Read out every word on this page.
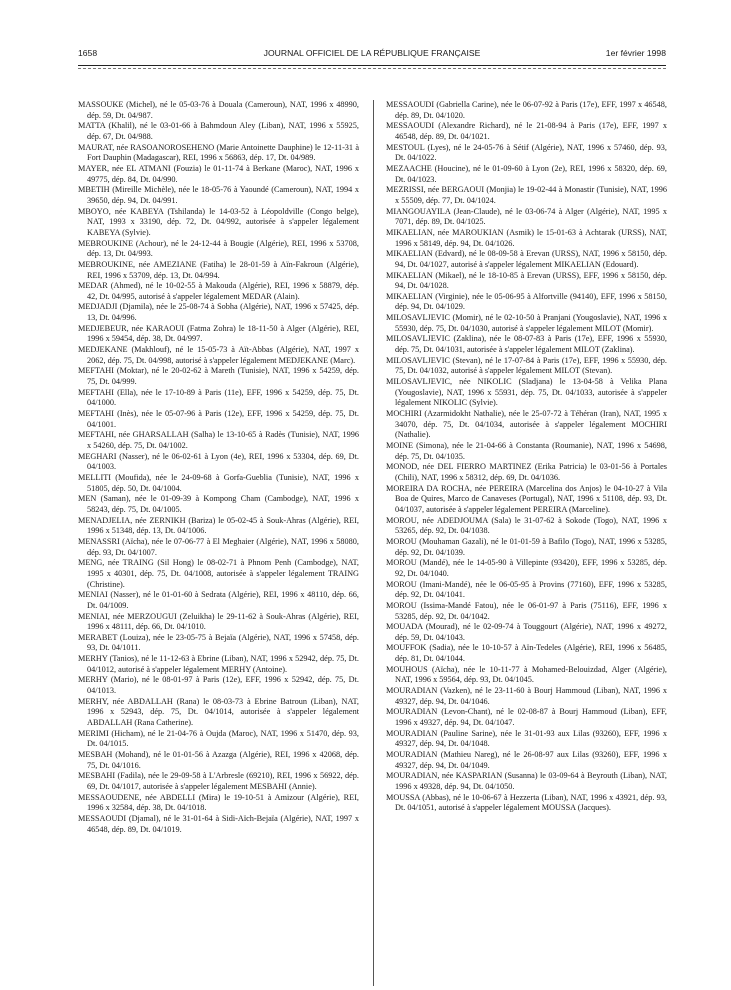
1658	JOURNAL OFFICIEL DE LA RÉPUBLIQUE FRANÇAISE	1er février 1998

MASSOUKE (Michel), né le 05-03-76 à Douala (Cameroun), NAT, 1996 x 48990, dép. 59, Dt. 04/987.

MATTA (Khalil), né le 03-01-66 à Bahmdoun Aley (Liban), NAT, 1996 x 55925, dép. 67, Dt. 04/988.

MAURAT, née RASOANOROSEHENO (Marie Antoinette Dauphine) le 12-11-31 à Fort Dauphin (Madagascar), REI, 1996 x 56863, dép. 17, Dt. 04/989.

MAYER, née EL ATMANI (Fouzia) le 01-11-74 à Berkane (Maroc), NAT, 1996 x 49775, dép. 84, Dt. 04/990.

MBETIH (Mireille Michèle), née le 18-05-76 à Yaoundé (Cameroun), NAT, 1994 x 39650, dép. 94, Dt. 04/991.

MBOYO, née KABEYA (Tshilanda) le 14-03-52 à Léopoldville (Congo belge), NAT, 1993 x 33190, dép. 72, Dt. 04/992, autorisée à s'appeler légalement KABEYA (Sylvie).

MEBROUKINE (Achour), né le 24-12-44 à Bougie (Algérie), REI, 1996 x 53708, dép. 13, Dt. 04/993.

MEBROUKINE, née AMEZIANE (Fatiha) le 28-01-59 à Aïn-Fakroun (Algérie), REI, 1996 x 53709, dép. 13, Dt. 04/994.

MEDAR (Ahmed), né le 10-02-55 à Makouda (Algérie), REI, 1996 x 58879, dép. 42, Dt. 04/995, autorisé à s'appeler légalement MEDAR (Alain).

MEDJADJI (Djamila), née le 25-08-74 à Sobha (Algérie), NAT, 1996 x 57425, dép. 13, Dt. 04/996.

MEDJEBEUR, née KARAOUI (Fatma Zohra) le 18-11-50 à Alger (Algérie), REI, 1996 x 59454, dép. 38, Dt. 04/997.

MEDJEKANE (Makhlouf), né le 15-05-73 à Aït-Abbas (Algérie), NAT, 1997 x 2062, dép. 75, Dt. 04/998, autorisé à s'appeler légalement MEDJEKANE (Marc).

MEFTAHI (Moktar), né le 20-02-62 à Mareth (Tunisie), NAT, 1996 x 54259, dép. 75, Dt. 04/999.

MEFTAHI (Ella), née le 17-10-89 à Paris (11e), EFF, 1996 x 54259, dép. 75, Dt. 04/1000.

MEFTAHI (Inès), née le 05-07-96 à Paris (12e), EFF, 1996 x 54259, dép. 75, Dt. 04/1001.

MEFTAHI, née GHARSALLAH (Salha) le 13-10-65 à Radès (Tunisie), NAT, 1996 x 54260, dép. 75, Dt. 04/1002.

MEGHARI (Nasser), né le 06-02-61 à Lyon (4e), REI, 1996 x 53304, dép. 69, Dt. 04/1003.

MELLITI (Moufida), née le 24-09-68 à Gorfa-Gueblia (Tunisie), NAT, 1996 x 51805, dép. 50, Dt. 04/1004.

MEN (Saman), née le 01-09-39 à Kompong Cham (Cambodge), NAT, 1996 x 58243, dép. 75, Dt. 04/1005.

MENADJELIA, née ZERNIKH (Bariza) le 05-02-45 à Souk-Ahras (Algérie), REI, 1996 x 51348, dép. 13, Dt. 04/1006.

MENASSRI (Aïcha), née le 07-06-77 à El Meghaier (Algérie), NAT, 1996 x 58080, dép. 93, Dt. 04/1007.

MENG, née TRAING (Sil Hong) le 08-02-71 à Phnom Penh (Cambodge), NAT, 1995 x 40301, dép. 75, Dt. 04/1008, autorisée à s'appeler légalement TRAING (Christine).

MENIAI (Nasser), né le 01-01-60 à Sedrata (Algérie), REI, 1996 x 48110, dép. 66, Dt. 04/1009.

MENIAI, née MERZOUGUI (Zeluikha) le 29-11-62 à Souk-Ahras (Algérie), REI, 1996 x 48111, dép. 66, Dt. 04/1010.

MERABET (Louiza), née le 23-05-75 à Bejaïa (Algérie), NAT, 1996 x 57458, dép. 93, Dt. 04/1011.

MERHY (Tanios), né le 11-12-63 à Ebrine (Liban), NAT, 1996 x 52942, dép. 75, Dt. 04/1012, autorisé à s'appeler légalement MERHY (Antoine).

MERHY (Mario), né le 08-01-97 à Paris (12e), EFF, 1996 x 52942, dép. 75, Dt. 04/1013.

MERHY, née ABDALLAH (Rana) le 08-03-73 à Ebrine Batroun (Liban), NAT, 1996 x 52943, dép. 75, Dt. 04/1014, autorisée à s'appeler légalement ABDALLAH (Rana Catherine).

MERIMI (Hicham), né le 21-04-76 à Oujda (Maroc), NAT, 1996 x 51470, dép. 93, Dt. 04/1015.

MESBAH (Mohand), né le 01-01-56 à Azazga (Algérie), REI, 1996 x 42068, dép. 75, Dt. 04/1016.

MESBAHI (Fadila), née le 29-09-58 à L'Arbresle (69210), REI, 1996 x 56922, dép. 69, Dt. 04/1017, autorisée à s'appeler légalement MESBAHI (Annie).

MESSAOUDENE, née ABDELLI (Mira) le 19-10-51 à Amizour (Algérie), REI, 1996 x 32584, dép. 38, Dt. 04/1018.

MESSAOUDI (Djamal), né le 31-01-64 à Sidi-Aïch-Bejaïa (Algérie), NAT, 1997 x 46548, dép. 89, Dt. 04/1019.

MESSAOUDI (Gabriella Carine), née le 06-07-92 à Paris (17e), EFF, 1997 x 46548, dép. 89, Dt. 04/1020.

MESSAOUDI (Alexandre Richard), né le 21-08-94 à Paris (17e), EFF, 1997 x 46548, dép. 89, Dt. 04/1021.

MESTOUL (Lyes), né le 24-05-76 à Sétif (Algérie), NAT, 1996 x 57460, dép. 93, Dt. 04/1022.

MEZAACHE (Houcine), né le 01-09-60 à Lyon (2e), REI, 1996 x 58320, dép. 69, Dt. 04/1023.

MEZRISSI, née BERGAOUI (Monjia) le 19-02-44 à Monastir (Tunisie), NAT, 1996 x 55509, dép. 77, Dt. 04/1024.

MIANGOUAYILA (Jean-Claude), né le 03-06-74 à Alger (Algérie), NAT, 1995 x 7071, dép. 89, Dt. 04/1025.

MIKAELIAN, née MAROUKIAN (Asmik) le 15-01-63 à Achtarak (URSS), NAT, 1996 x 58149, dép. 94, Dt. 04/1026.

MIKAELIAN (Edvard), né le 08-09-58 à Erevan (URSS), NAT, 1996 x 58150, dép. 94, Dt. 04/1027, autorisé à s'appeler légalement MIKAELIAN (Edouard).

MIKAELIAN (Mikael), né le 18-10-85 à Erevan (URSS), EFF, 1996 x 58150, dép. 94, Dt. 04/1028.

MIKAELIAN (Virginie), née le 05-06-95 à Alfortville (94140), EFF, 1996 x 58150, dép. 94, Dt. 04/1029.

MILOSAVLJEVIC (Momir), né le 02-10-50 à Pranjani (Yougoslavie), NAT, 1996 x 55930, dép. 75, Dt. 04/1030, autorisé à s'appeler légalement MILOT (Momir).

MILOSAVLJEVIC (Zaklina), née le 08-07-83 à Paris (17e), EFF, 1996 x 55930, dép. 75, Dt. 04/1031, autorisée à s'appeler légalement MILOT (Zaklina).

MILOSAVLJEVIC (Stevan), né le 17-07-84 à Paris (17e), EFF, 1996 x 55930, dép. 75, Dt. 04/1032, autorisé à s'appeler légalement MILOT (Stevan).

MILOSAVLJEVIC, née NIKOLIC (Sladjana) le 13-04-58 à Velika Plana (Yougoslavie), NAT, 1996 x 55931, dép. 75, Dt. 04/1033, autorisée à s'appeler légalement NIKOLIC (Sylvie).

MOCHIRI (Azarmidokht Nathalie), née le 25-07-72 à Téhéran (Iran), NAT, 1995 x 34070, dép. 75, Dt. 04/1034, autorisée à s'appeler légalement MOCHIRI (Nathalie).

MOINE (Simona), née le 21-04-66 à Constanta (Roumanie), NAT, 1996 x 54698, dép. 75, Dt. 04/1035.

MONOD, née DEL FIERRO MARTINEZ (Erika Patricia) le 03-01-56 à Portales (Chili), NAT, 1996 x 58312, dép. 69, Dt. 04/1036.

MOREIRA DA ROCHA, née PEREIRA (Marcelina dos Anjos) le 04-10-27 à Vila Boa de Quires, Marco de Canaveses (Portugal), NAT, 1996 x 51108, dép. 93, Dt. 04/1037, autorisée à s'appeler légalement PEREIRA (Marceline).

MOROU, née ADEDJOUMA (Sala) le 31-07-62 à Sokode (Togo), NAT, 1996 x 53265, dép. 92, Dt. 04/1038.

MOROU (Mouhaman Gazali), né le 01-01-59 à Bafilo (Togo), NAT, 1996 x 53285, dép. 92, Dt. 04/1039.

MOROU (Mandé), née le 14-05-90 à Villepinte (93420), EFF, 1996 x 53285, dép. 92, Dt. 04/1040.

MOROU (Imani-Mandé), née le 06-05-95 à Provins (77160), EFF, 1996 x 53285, dép. 92, Dt. 04/1041.

MOROU (Issima-Mandé Fatou), née le 06-01-97 à Paris (75116), EFF, 1996 x 53285, dép. 92, Dt. 04/1042.

MOUADA (Mourad), né le 02-09-74 à Touggourt (Algérie), NAT, 1996 x 49272, dép. 59, Dt. 04/1043.

MOUFFOK (Sadia), née le 10-10-57 à Aïn-Tedeles (Algérie), REI, 1996 x 56485, dép. 81, Dt. 04/1044.

MOUHOUS (Aïcha), née le 10-11-77 à Mohamed-Belouizdad, Alger (Algérie), NAT, 1996 x 59564, dép. 93, Dt. 04/1045.

MOURADIAN (Vazken), né le 23-11-60 à Bourj Hammoud (Liban), NAT, 1996 x 49327, dép. 94, Dt. 04/1046.

MOURADIAN (Levon-Chant), né le 02-08-87 à Bourj Hammoud (Liban), EFF, 1996 x 49327, dép. 94, Dt. 04/1047.

MOURADIAN (Pauline Sarine), née le 31-01-93 aux Lilas (93260), EFF, 1996 x 49327, dép. 94, Dt. 04/1048.

MOURADIAN (Mathieu Nareg), né le 26-08-97 aux Lilas (93260), EFF, 1996 x 49327, dép. 94, Dt. 04/1049.

MOURADIAN, née KASPARIAN (Susanna) le 03-09-64 à Beyrouth (Liban), NAT, 1996 x 49328, dép. 94, Dt. 04/1050.

MOUSSA (Abbas), né le 10-06-67 à Hezzerta (Liban), NAT, 1996 x 43921, dép. 93, Dt. 04/1051, autorisé à s'appeler légalement MOUSSA (Jacques).
